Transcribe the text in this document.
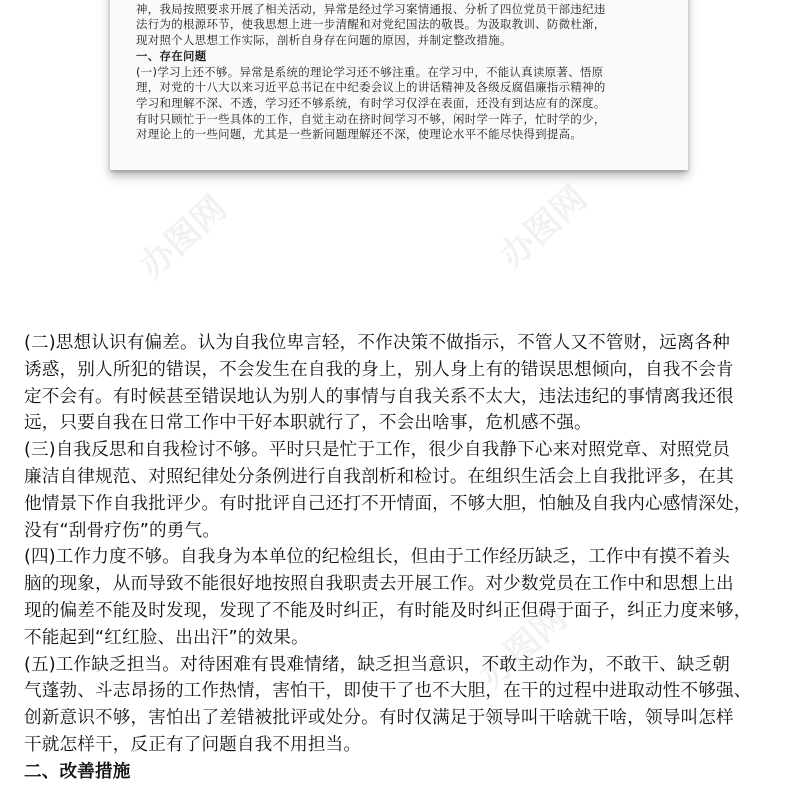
神，我局按照要求开展了相关活动，异常是经过学习案情通报、分析了四位党员干部违纪违
法行为的根源环节，使我思想上进一步清醒和对党纪国法的敬畏。为汲取教训、防微杜渐，
现对照个人思想工作实际，剖析自身存在问题的原因，并制定整改措施。
一、存在问题
(一)学习上还不够。异常是系统的理论学习还不够注重。在学习中，不能认真读原著、悟原
理，对党的十八大以来习近平总书记在中纪委会议上的讲话精神及各级反腐倡廉指示精神的
学习和理解不深、不透，学习还不够系统，有时学习仅浮在表面，还没有到达应有的深度。
有时只顾忙于一些具体的工作，自觉主动在挤时间学习不够，闲时学一阵子，忙时学的少，
对理论上的一些问题，尤其是一些新问题理解还不深，使理论水平不能尽快得到提高。
办图网	办图网
办图网
(二)思想认识有偏差。认为自我位卑言轻，不作决策不做指示，不管人又不管财，远离各种
诱惑，别人所犯的错误，不会发生在自我的身上，别人身上有的错误思想倾向，自我不会肯
定不会有。有时候甚至错误地认为别人的事情与自我关系不太大，违法违纪的事情离我还很
远，只要自我在日常工作中干好本职就行了，不会出啥事，危机感不强。
(三)自我反思和自我检讨不够。平时只是忙于工作，很少自我静下心来对照党章、对照党员
廉洁自律规范、对照纪律处分条例进行自我剖析和检讨。在组织生活会上自我批评多，在其
他情景下作自我批评少。有时批评自己还打不开情面，不够大胆，怕触及自我内心感情深处，
没有“刮骨疗伤”的勇气。
(四)工作力度不够。自我身为本单位的纪检组长，但由于工作经历缺乏，工作中有摸不着头
脑的现象，从而导致不能很好地按照自我职责去开展工作。对少数党员在工作中和思想上出
现的偏差不能及时发现，发现了不能及时纠正，有时能及时纠正但碍于面子，纠正力度来够，
不能起到“红红脸、出出汗”的效果。
(五)工作缺乏担当。对待困难有畏难情绪，缺乏担当意识，不敢主动作为，不敢干、缺乏朝
气蓬勃、斗志昂扬的工作热情，害怕干，即使干了也不大胆，在干的过程中进取动性不够强、
创新意识不够，害怕出了差错被批评或处分。有时仅满足于领导叫干啥就干啥，领导叫怎样
干就怎样干，反正有了问题自我不用担当。
二、改善措施
